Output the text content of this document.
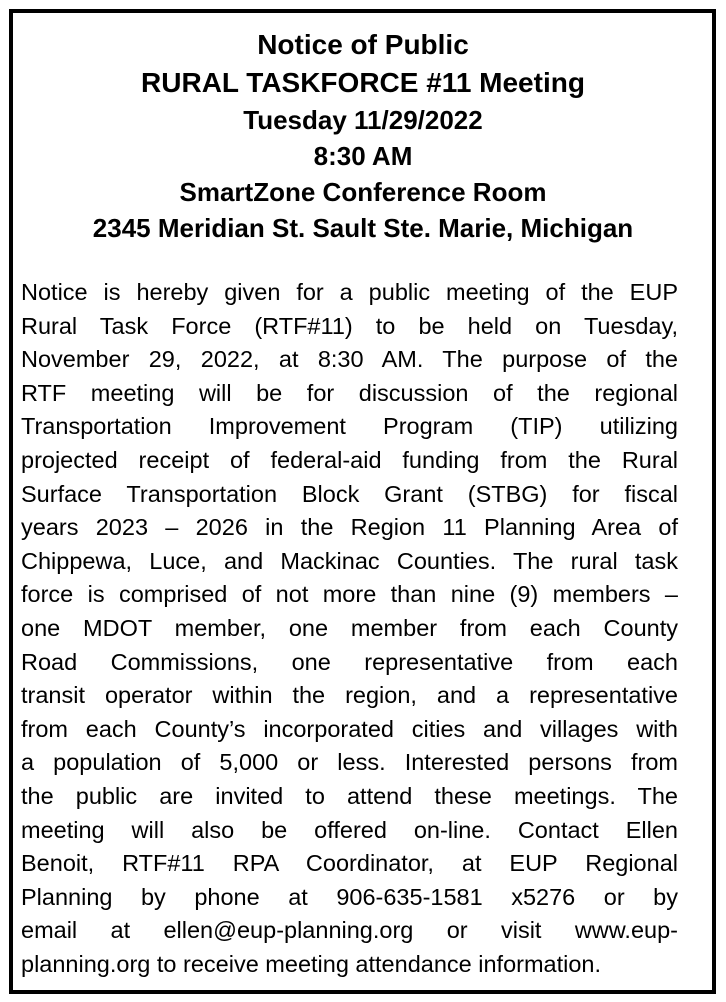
Notice of Public
RURAL TASKFORCE #11 Meeting
Tuesday 11/29/2022
8:30 AM
SmartZone Conference Room
2345 Meridian St. Sault Ste. Marie, Michigan
Notice is hereby given for a public meeting of the EUP
Rural Task Force (RTF#11) to be held on Tuesday,
November 29, 2022, at 8:30 AM. The purpose of the
RTF meeting will be for discussion of the regional
Transportation Improvement Program (TIP) utilizing
projected receipt of federal-aid funding from the Rural
Surface Transportation Block Grant (STBG) for fiscal
years 2023 – 2026 in the Region 11 Planning Area of
Chippewa, Luce, and Mackinac Counties. The rural task
force is comprised of not more than nine (9) members –
one MDOT member, one member from each County
Road Commissions, one representative from each
transit operator within the region, and a representative
from each County’s incorporated cities and villages with
a population of 5,000 or less. Interested persons from
the public are invited to attend these meetings. The
meeting will also be offered on-line. Contact Ellen
Benoit, RTF#11 RPA Coordinator, at EUP Regional
Planning by phone at 906-635-1581 x5276 or by
email at ellen@eup-planning.org or visit www.eup-
planning.org to receive meeting attendance information.
